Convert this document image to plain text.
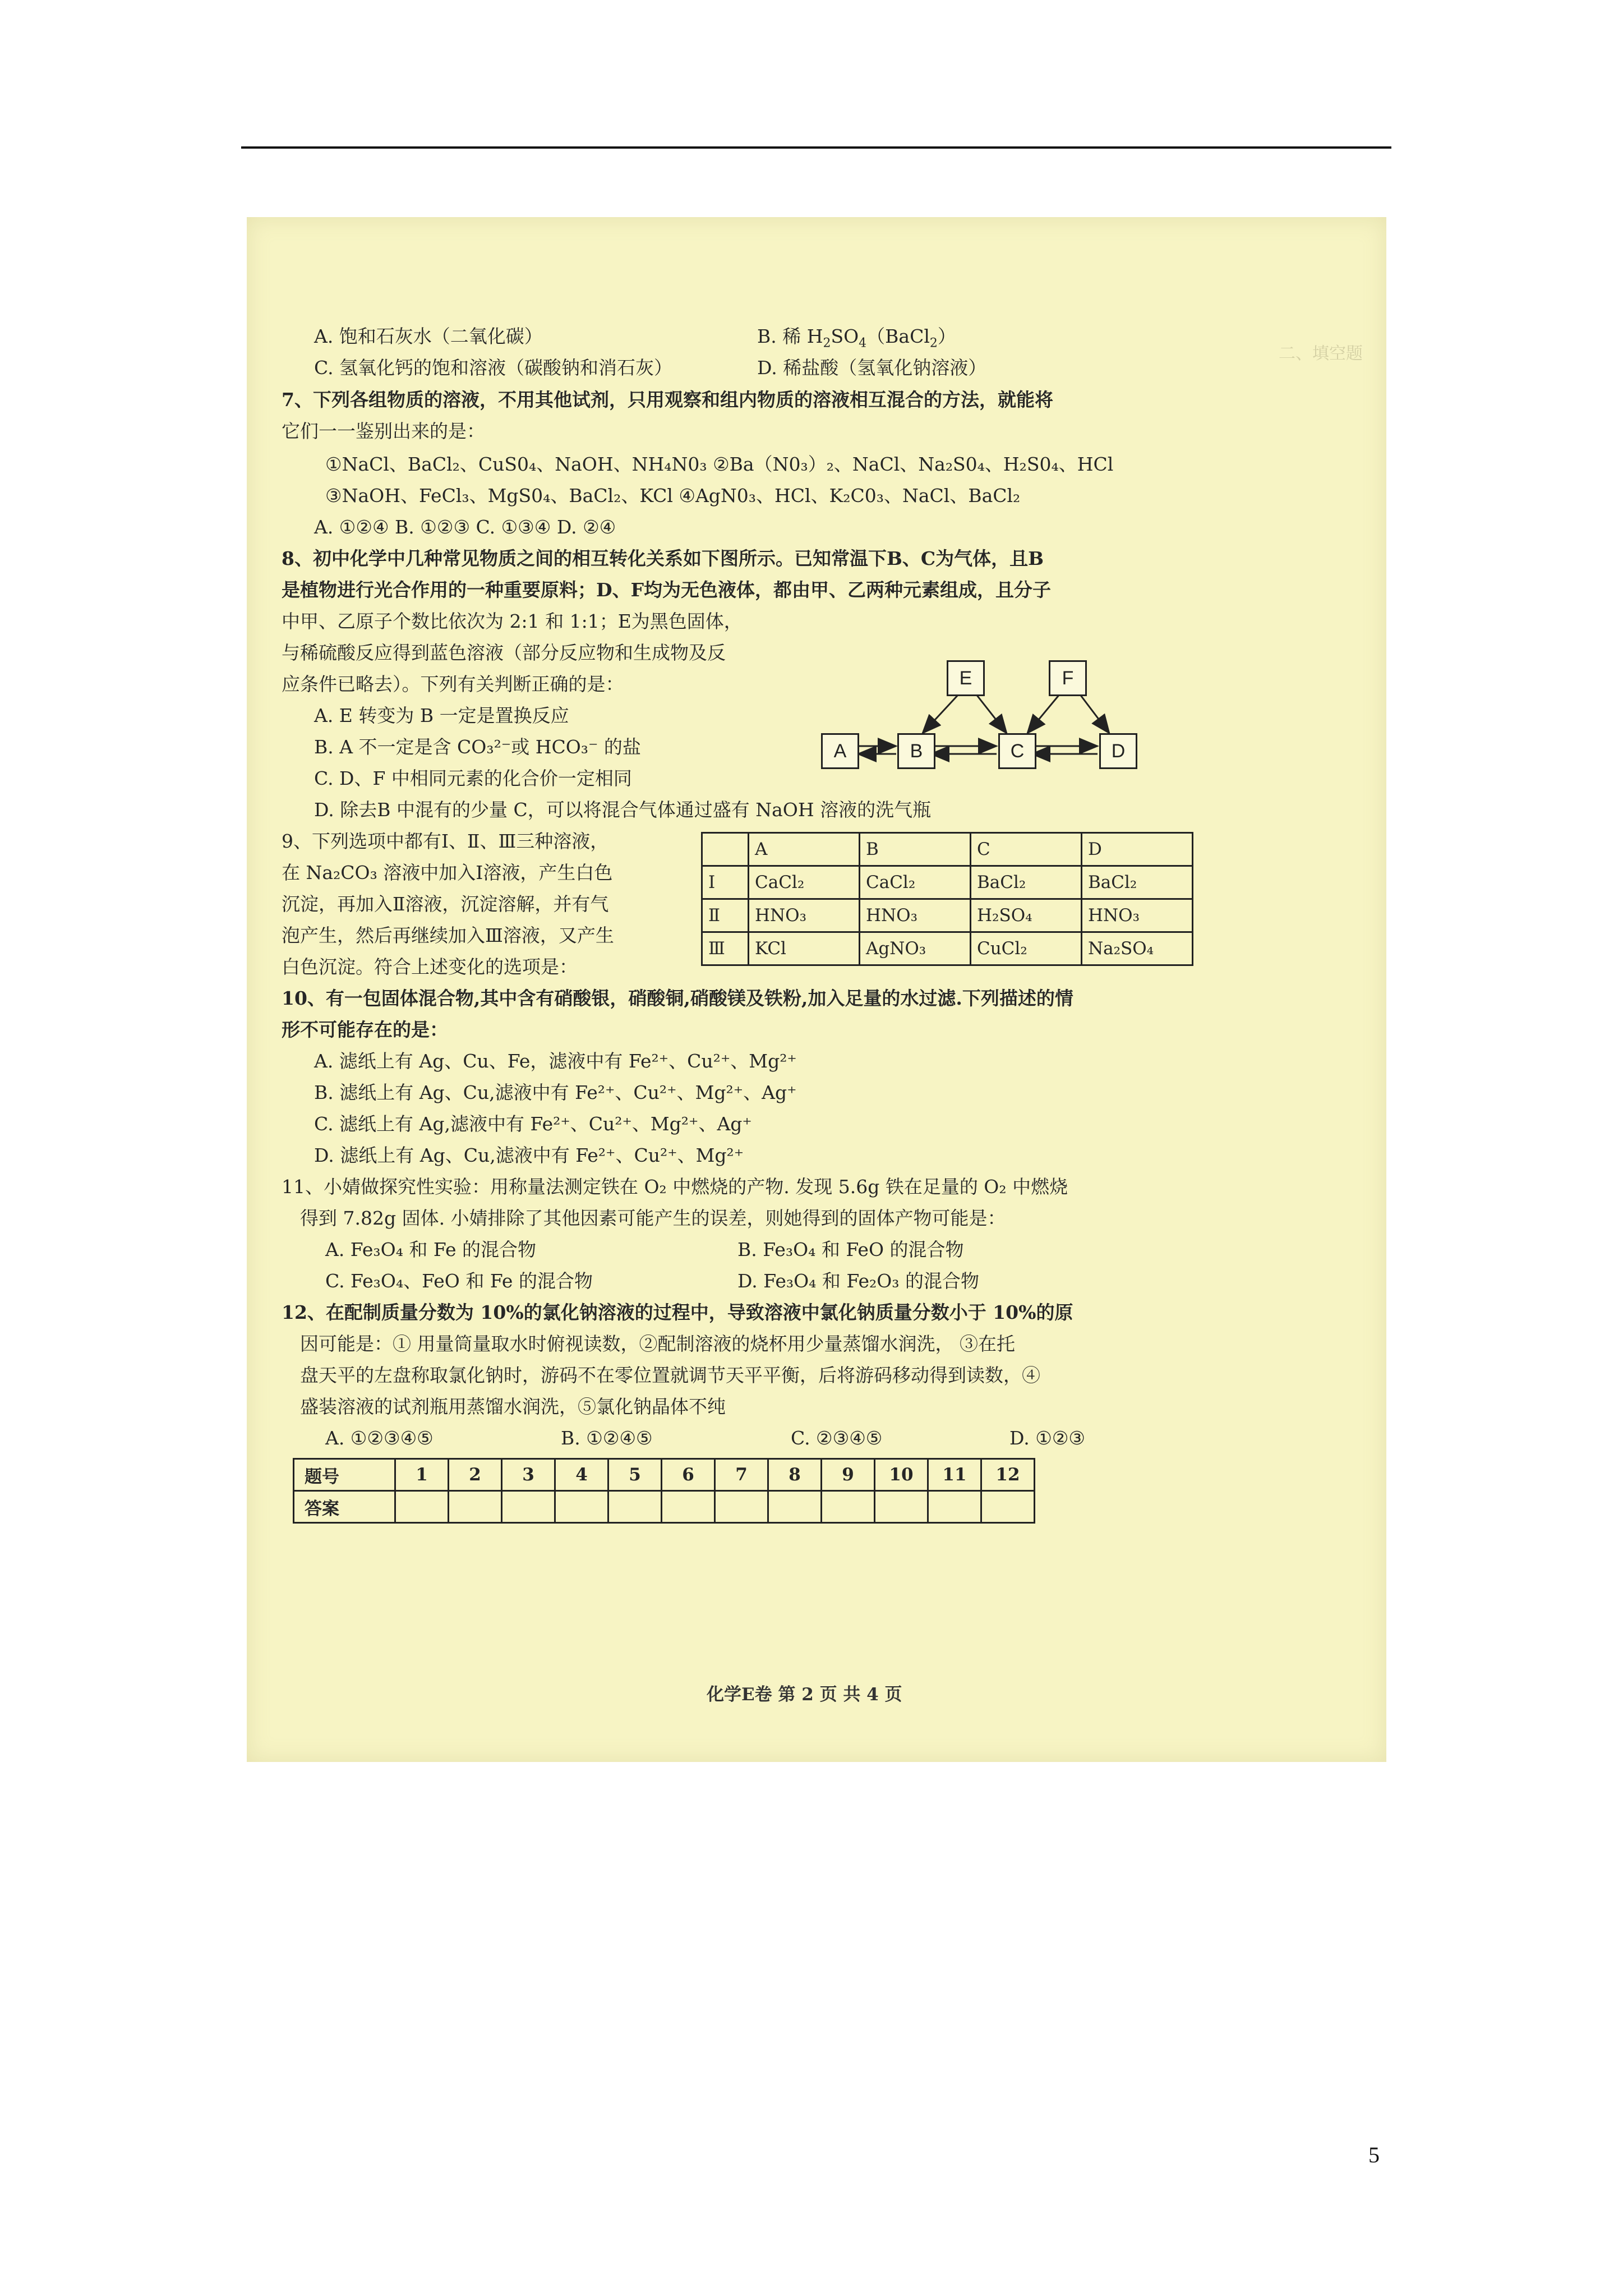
二、填空题
A. 饱和石灰水（二氧化碳）	B. 稀 $H_2SO_4(BaCl_2)$
C. 氢氧化钙的饱和溶液（碳酸钠和消石灰）	D. 稀盐酸（氢氧化钠溶液）
7、下列各组物质的溶液，不用其他试剂，只用观察和组内物质的溶液相互混合的方法，就能将
它们一一鉴别出来的是：
①NaCl、BaCl₂、CuS0₄、NaOH、NH₄N0₃ ②Ba（N0₃）₂、NaCl、Na₂S0₄、H₂S0₄、HCl
③NaOH、FeCl₃、MgS0₄、BaCl₂、KCl ④AgN0₃、HCl、K₂C0₃、NaCl、BaCl₂
A. ①②④ B. ①②③ C. ①③④ D. ②④
8、初中化学中几种常见物质之间的相互转化关系如下图所示。已知常温下B、C为气体，且B
是植物进行光合作用的一种重要原料；D、F均为无色液体，都由甲、乙两种元素组成，且分子
中甲、乙原子个数比依次为 2:1 和 1:1；E为黑色固体，
与稀硫酸反应得到蓝色溶液（部分反应物和生成物及反
应条件已略去）。下列有关判断正确的是：
A. E 转变为 B 一定是置换反应
B. A 不一定是含 CO₃²⁻或 HCO₃⁻ 的盐
C. D、F 中相同元素的化合价一定相同
D. 除去B 中混有的少量 C，可以将混合气体通过盛有 NaOH 溶液的洗气瓶
A	B	C	D
E	F
9、下列选项中都有Ⅰ、Ⅱ、Ⅲ三种溶液，
在 Na₂CO₃ 溶液中加入Ⅰ溶液，产生白色
沉淀，再加入Ⅱ溶液，沉淀溶解，并有气
泡产生，然后再继续加入Ⅲ溶液，又产生
白色沉淀。符合上述变化的选项是：
	A	B	C	D
Ⅰ	CaCl₂	CaCl₂	BaCl₂	BaCl₂
Ⅱ	HNO₃	HNO₃	H₂SO₄	HNO₃
Ⅲ	KCl	AgNO₃	CuCl₂	Na₂SO₄
10、有一包固体混合物,其中含有硝酸银，硝酸铜,硝酸镁及铁粉,加入足量的水过滤.下列描述的情
形不可能存在的是：
A. 滤纸上有 Ag、Cu、Fe，滤液中有 Fe²⁺、Cu²⁺、Mg²⁺
B. 滤纸上有 Ag、Cu,滤液中有 Fe²⁺、Cu²⁺、Mg²⁺、Ag⁺
C. 滤纸上有 Ag,滤液中有 Fe²⁺、Cu²⁺、Mg²⁺、Ag⁺
D. 滤纸上有 Ag、Cu,滤液中有 Fe²⁺、Cu²⁺、Mg²⁺
11、小婧做探究性实验：用称量法测定铁在 O₂ 中燃烧的产物. 发现 5.6g 铁在足量的 O₂ 中燃烧
得到 7.82g 固体. 小婧排除了其他因素可能产生的误差，则她得到的固体产物可能是：
A. Fe₃O₄ 和 Fe 的混合物	B. Fe₃O₄ 和 FeO 的混合物
C. Fe₃O₄、FeO 和 Fe 的混合物	D. Fe₃O₄ 和 Fe₂O₃ 的混合物
12、在配制质量分数为 10%的氯化钠溶液的过程中，导致溶液中氯化钠质量分数小于 10%的原
因可能是：① 用量筒量取水时俯视读数，②配制溶液的烧杯用少量蒸馏水润洗， ③在托
盘天平的左盘称取氯化钠时，游码不在零位置就调节天平平衡，后将游码移动得到读数，④
盛装溶液的试剂瓶用蒸馏水润洗，⑤氯化钠晶体不纯
A. ①②③④⑤	B. ①②④⑤	C. ②③④⑤	D. ①②③
题号	1	2	3	4	5	6	7	8	9	10	11	12
答案												
化学E卷 第 2 页 共 4 页
5
